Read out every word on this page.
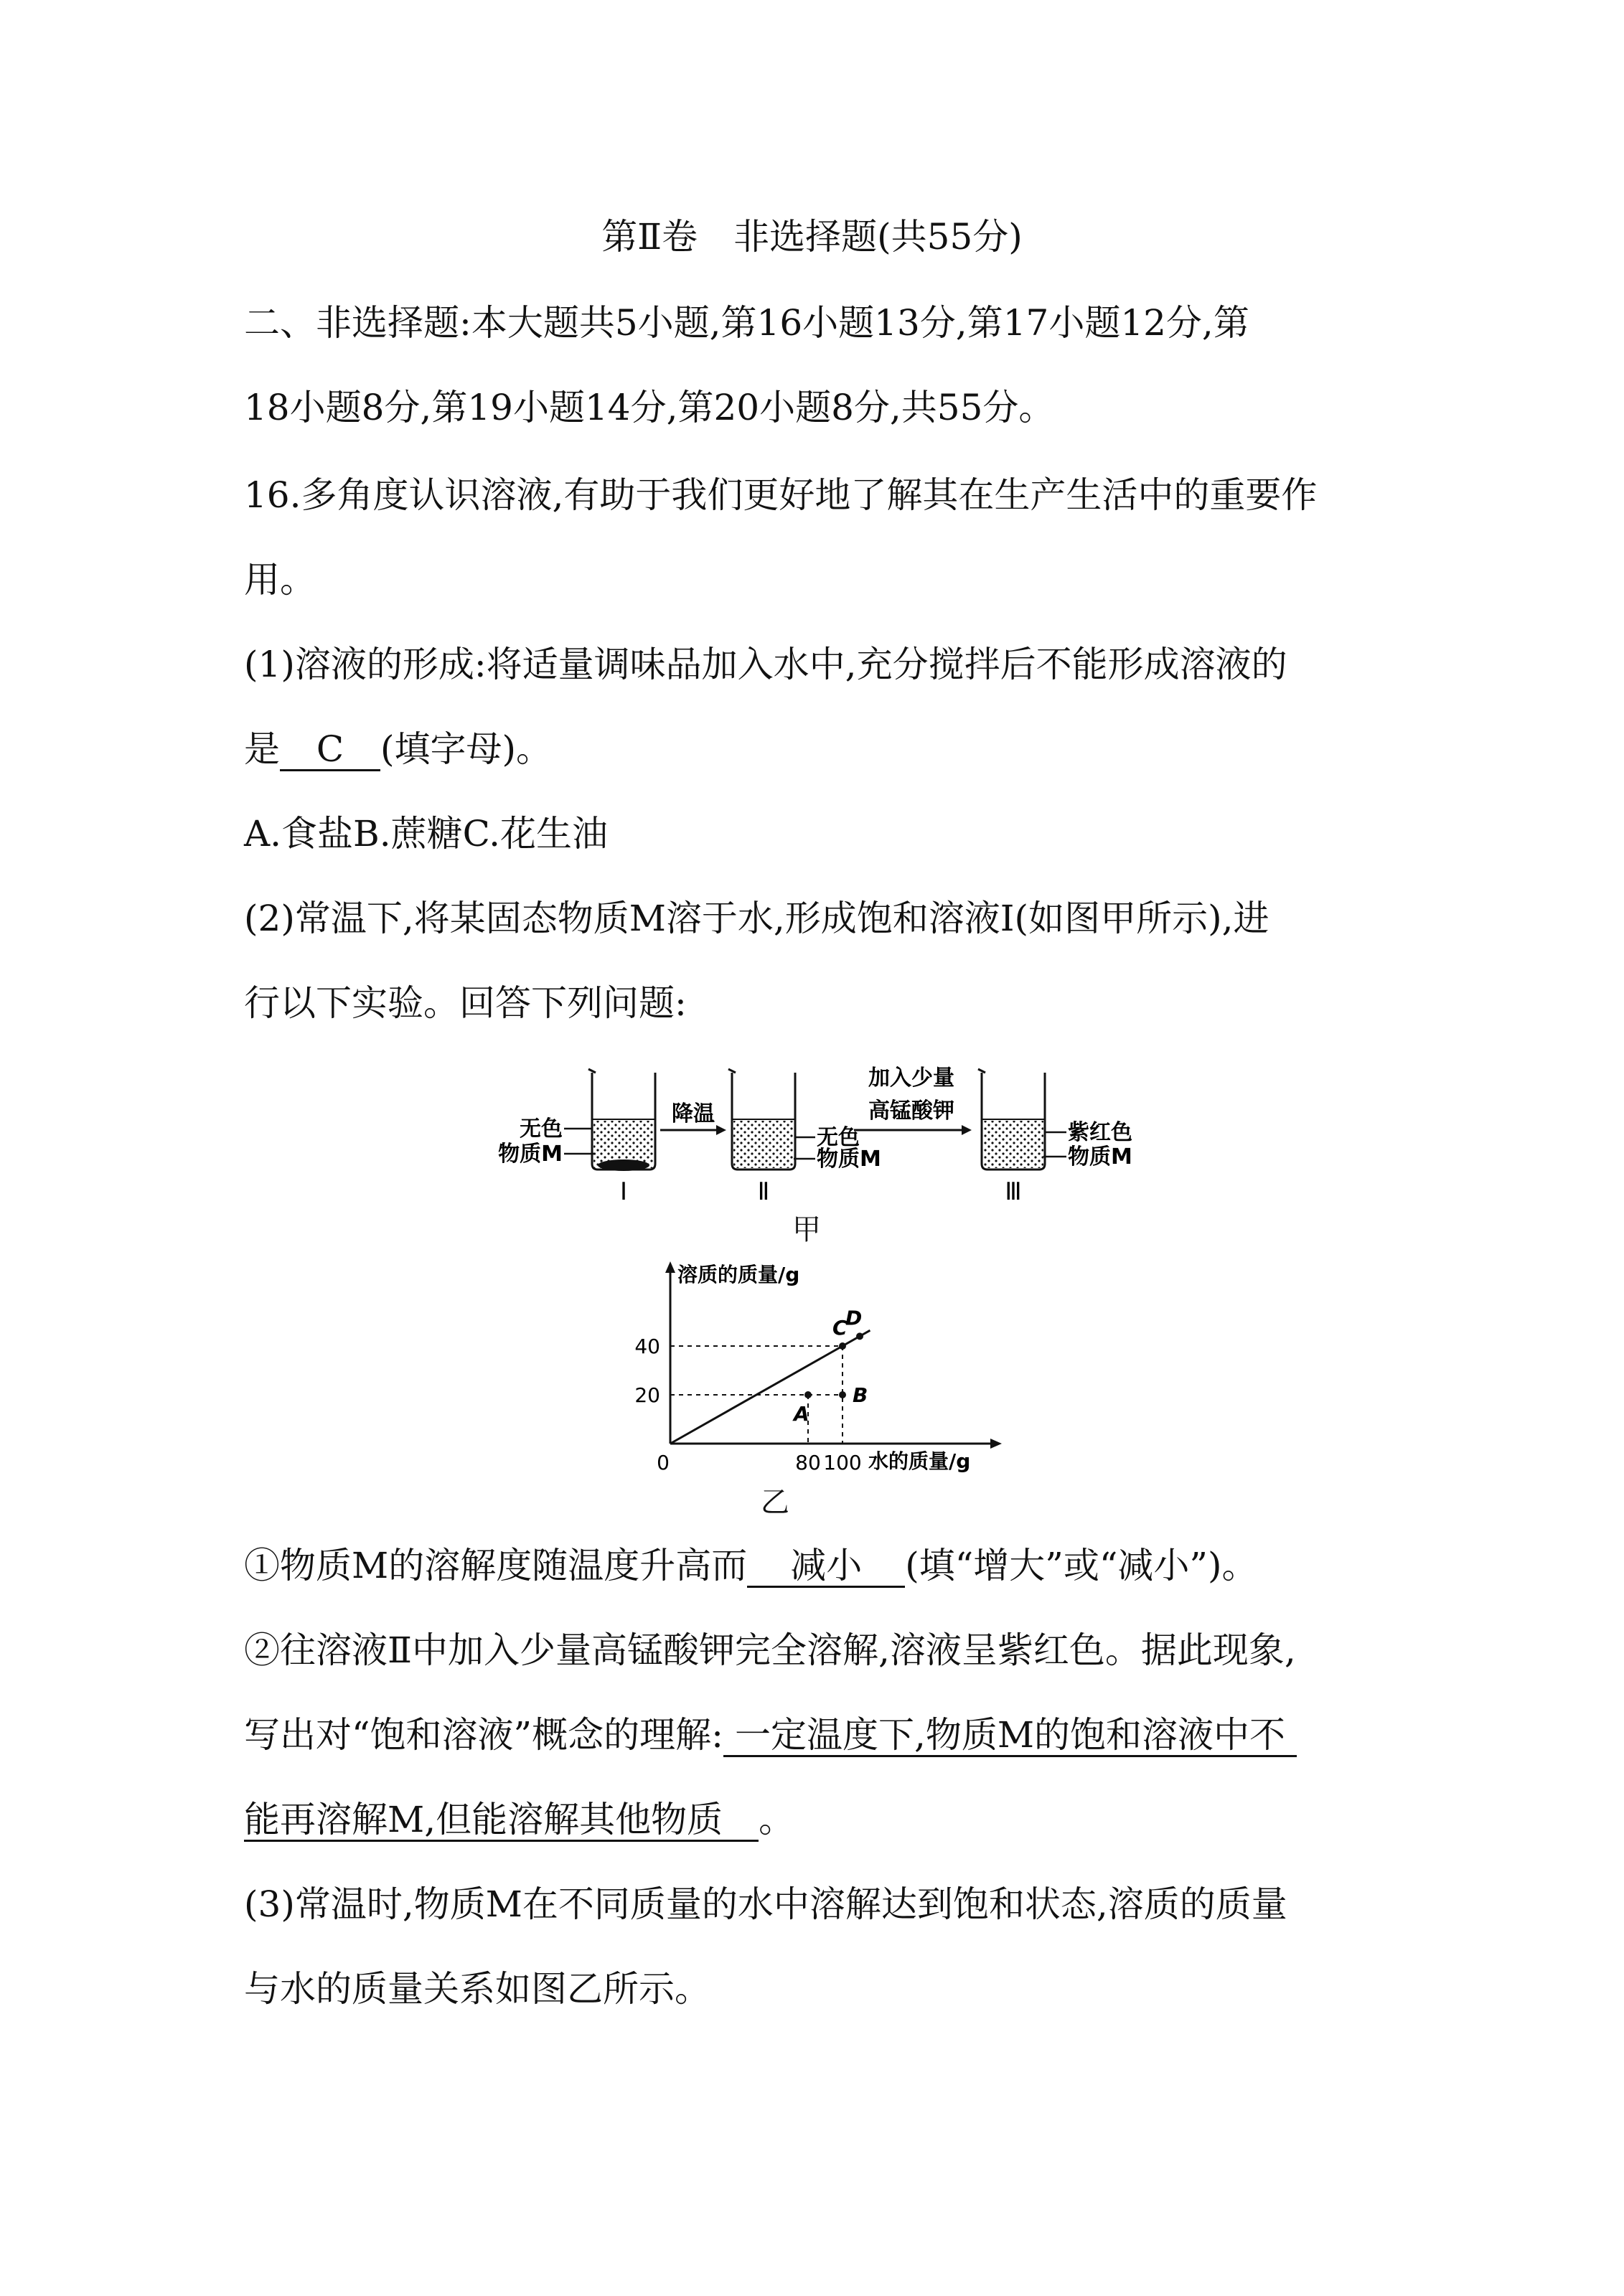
第Ⅱ卷　非选择题(共55分)
二、非选择题:本大题共5小题,第16小题13分,第17小题12分,第
18小题8分,第19小题14分,第20小题8分,共55分。
16.多角度认识溶液,有助于我们更好地了解其在生产生活中的重要作
用。
(1)溶液的形成:将适量调味品加入水中,充分搅拌后不能形成溶液的
是 C (填字母)。
A.食盐B.蔗糖C.花生油
(2)常温下,将某固态物质M溶于水,形成饱和溶液Ⅰ(如图甲所示),进
行以下实验。回答下列问题:
无色
物质M
Ⅰ
降温
无色
物质M
Ⅱ
加入少量
高锰酸钾
紫红色
物质M
Ⅲ
甲
溶质的质量/g
水的质量/g
0
A
B
C
D
20
40
80 100
乙
①物质M的溶解度随温度升高而 减小 (填“增大”或“减小”)。
②往溶液Ⅱ中加入少量高锰酸钾完全溶解,溶液呈紫红色。据此现象,
写出对“饱和溶液”概念的理解: 一定温度下,物质M的饱和溶液中不
能再溶解M,但能溶解其他物质 。
(3)常温时,物质M在不同质量的水中溶解达到饱和状态,溶质的质量
与水的质量关系如图乙所示。
